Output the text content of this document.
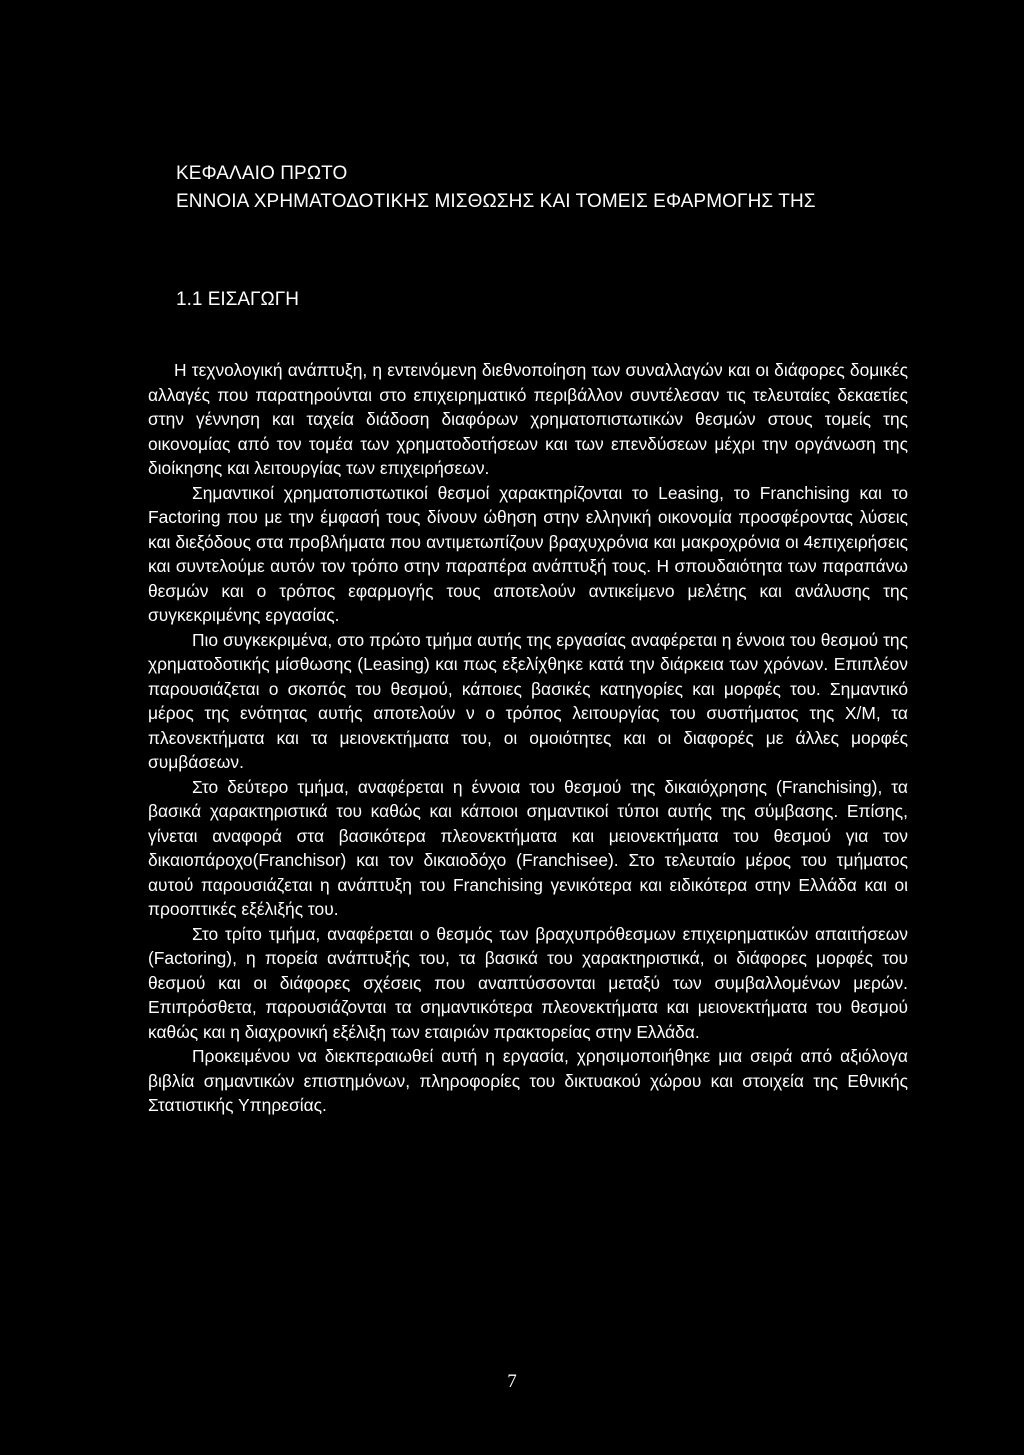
ΚΕΦΑΛΑΙΟ ΠΡΩΤΟ
ΕΝΝΟΙΑ ΧΡΗΜΑΤΟΔΟΤΙΚΗΣ ΜΙΣΘΩΣΗΣ ΚΑΙ ΤΟΜΕΙΣ ΕΦΑΡΜΟΓΗΣ ΤΗΣ
1.1 ΕΙΣΑΓΩΓΗ

Η τεχνολογική ανάπτυξη, η εντεινόμενη διεθνοποίηση των συναλλαγών και οι διάφορες δομικές αλλαγές που παρατηρούνται στο επιχειρηματικό περιβάλλον συντέλεσαν τις τελευταίες δεκαετίες στην γέννηση και ταχεία διάδοση διαφόρων χρηματοπιστωτικών θεσμών στους τομείς της οικονομίας από τον τομέα των χρηματοδοτήσεων και των επενδύσεων μέχρι την οργάνωση της διοίκησης και λειτουργίας των επιχειρήσεων.

Σημαντικοί χρηματοπιστωτικοί θεσμοί χαρακτηρίζονται το Leasing, το Franchising και το Factoring που με την έμφασή τους δίνουν ώθηση στην ελληνική οικονομία προσφέροντας λύσεις και διεξόδους στα προβλήματα που αντιμετωπίζουν βραχυχρόνια και μακροχρόνια οι 4επιχειρήσεις και συντελούμε αυτόν τον τρόπο στην παραπέρα ανάπτυξή τους. Η σπουδαιότητα των παραπάνω θεσμών και ο τρόπος εφαρμογής τους αποτελούν αντικείμενο μελέτης και ανάλυσης της συγκεκριμένης εργασίας.

Πιο συγκεκριμένα, στο πρώτο τμήμα αυτής της εργασίας αναφέρεται η έννοια του θεσμού της χρηματοδοτικής μίσθωσης (Leasing) και πως εξελίχθηκε κατά την διάρκεια των χρόνων. Επιπλέον παρουσιάζεται ο σκοπός του θεσμού, κάποιες βασικές κατηγορίες και μορφές του. Σημαντικό μέρος της ενότητας αυτής αποτελούν ν ο τρόπος λειτουργίας του συστήματος της Χ/Μ, τα πλεονεκτήματα και τα μειονεκτήματα του, οι ομοιότητες και οι διαφορές με άλλες μορφές συμβάσεων.

Στο δεύτερο τμήμα, αναφέρεται η έννοια του θεσμού της δικαιόχρησης (Franchising), τα βασικά χαρακτηριστικά του καθώς και κάποιοι σημαντικοί τύποι αυτής της σύμβασης. Επίσης, γίνεται αναφορά στα βασικότερα πλεονεκτήματα και μειονεκτήματα του θεσμού για τον δικαιοπάροχο(Franchisor) και τον δικαιοδόχο (Franchisee). Στο τελευταίο μέρος του τμήματος αυτού παρουσιάζεται η ανάπτυξη του Franchising γενικότερα και ειδικότερα στην Ελλάδα και οι προοπτικές εξέλιξής του.

Στο τρίτο τμήμα, αναφέρεται ο θεσμός των βραχυπρόθεσμων επιχειρηματικών απαιτήσεων (Factoring), η πορεία ανάπτυξής του, τα βασικά του χαρακτηριστικά, οι διάφορες μορφές του θεσμού και οι διάφορες σχέσεις που αναπτύσσονται μεταξύ των συμβαλλομένων μερών. Επιπρόσθετα, παρουσιάζονται τα σημαντικότερα πλεονεκτήματα και μειονεκτήματα του θεσμού καθώς και η διαχρονική εξέλιξη των εταιριών πρακτορείας στην Ελλάδα.

Προκειμένου να διεκπεραιωθεί αυτή η εργασία, χρησιμοποιήθηκε μια σειρά από αξιόλογα βιβλία σημαντικών επιστημόνων, πληροφορίες του δικτυακού χώρου και στοιχεία της Εθνικής Στατιστικής Υπηρεσίας.

7
